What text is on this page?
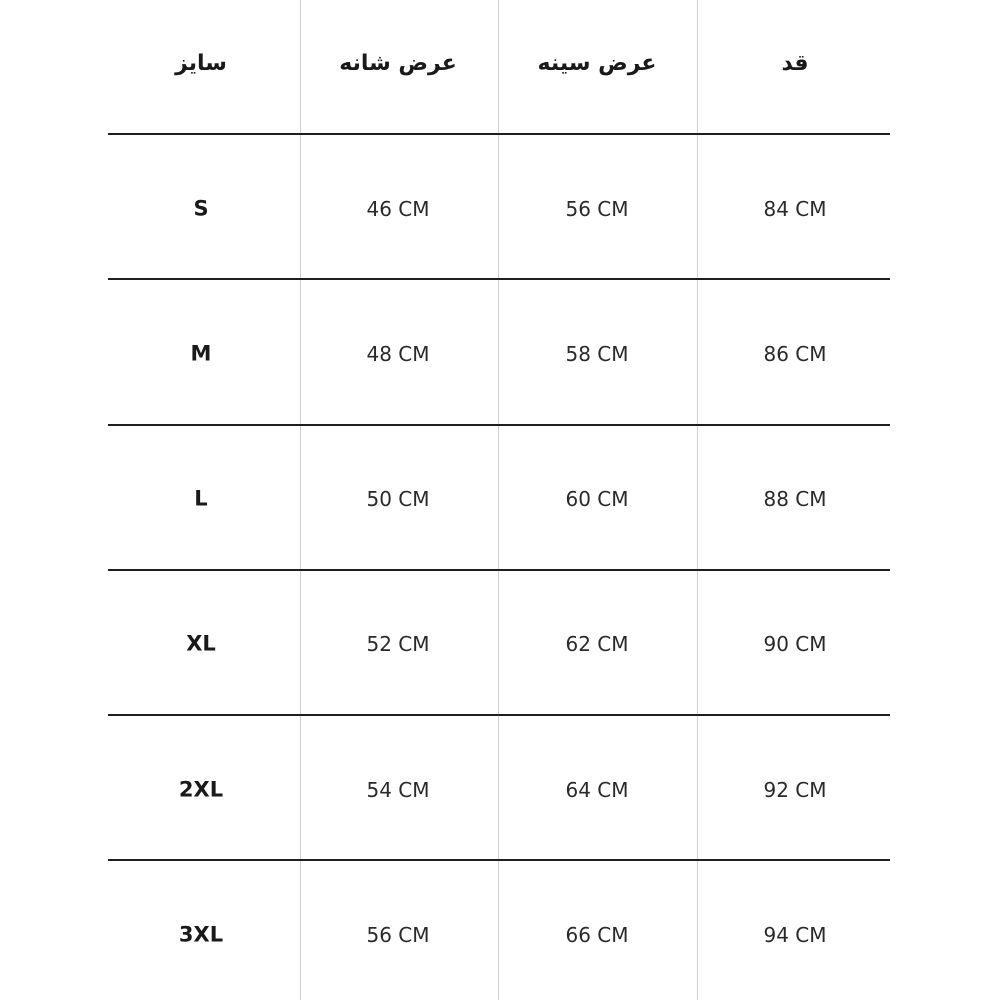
سایز	عرض شانه	عرض سینه	قد
S	46 CM	56 CM	84 CM
M	48 CM	58 CM	86 CM
L	50 CM	60 CM	88 CM
XL	52 CM	62 CM	90 CM
2XL	54 CM	64 CM	92 CM
3XL	56 CM	66 CM	94 CM
